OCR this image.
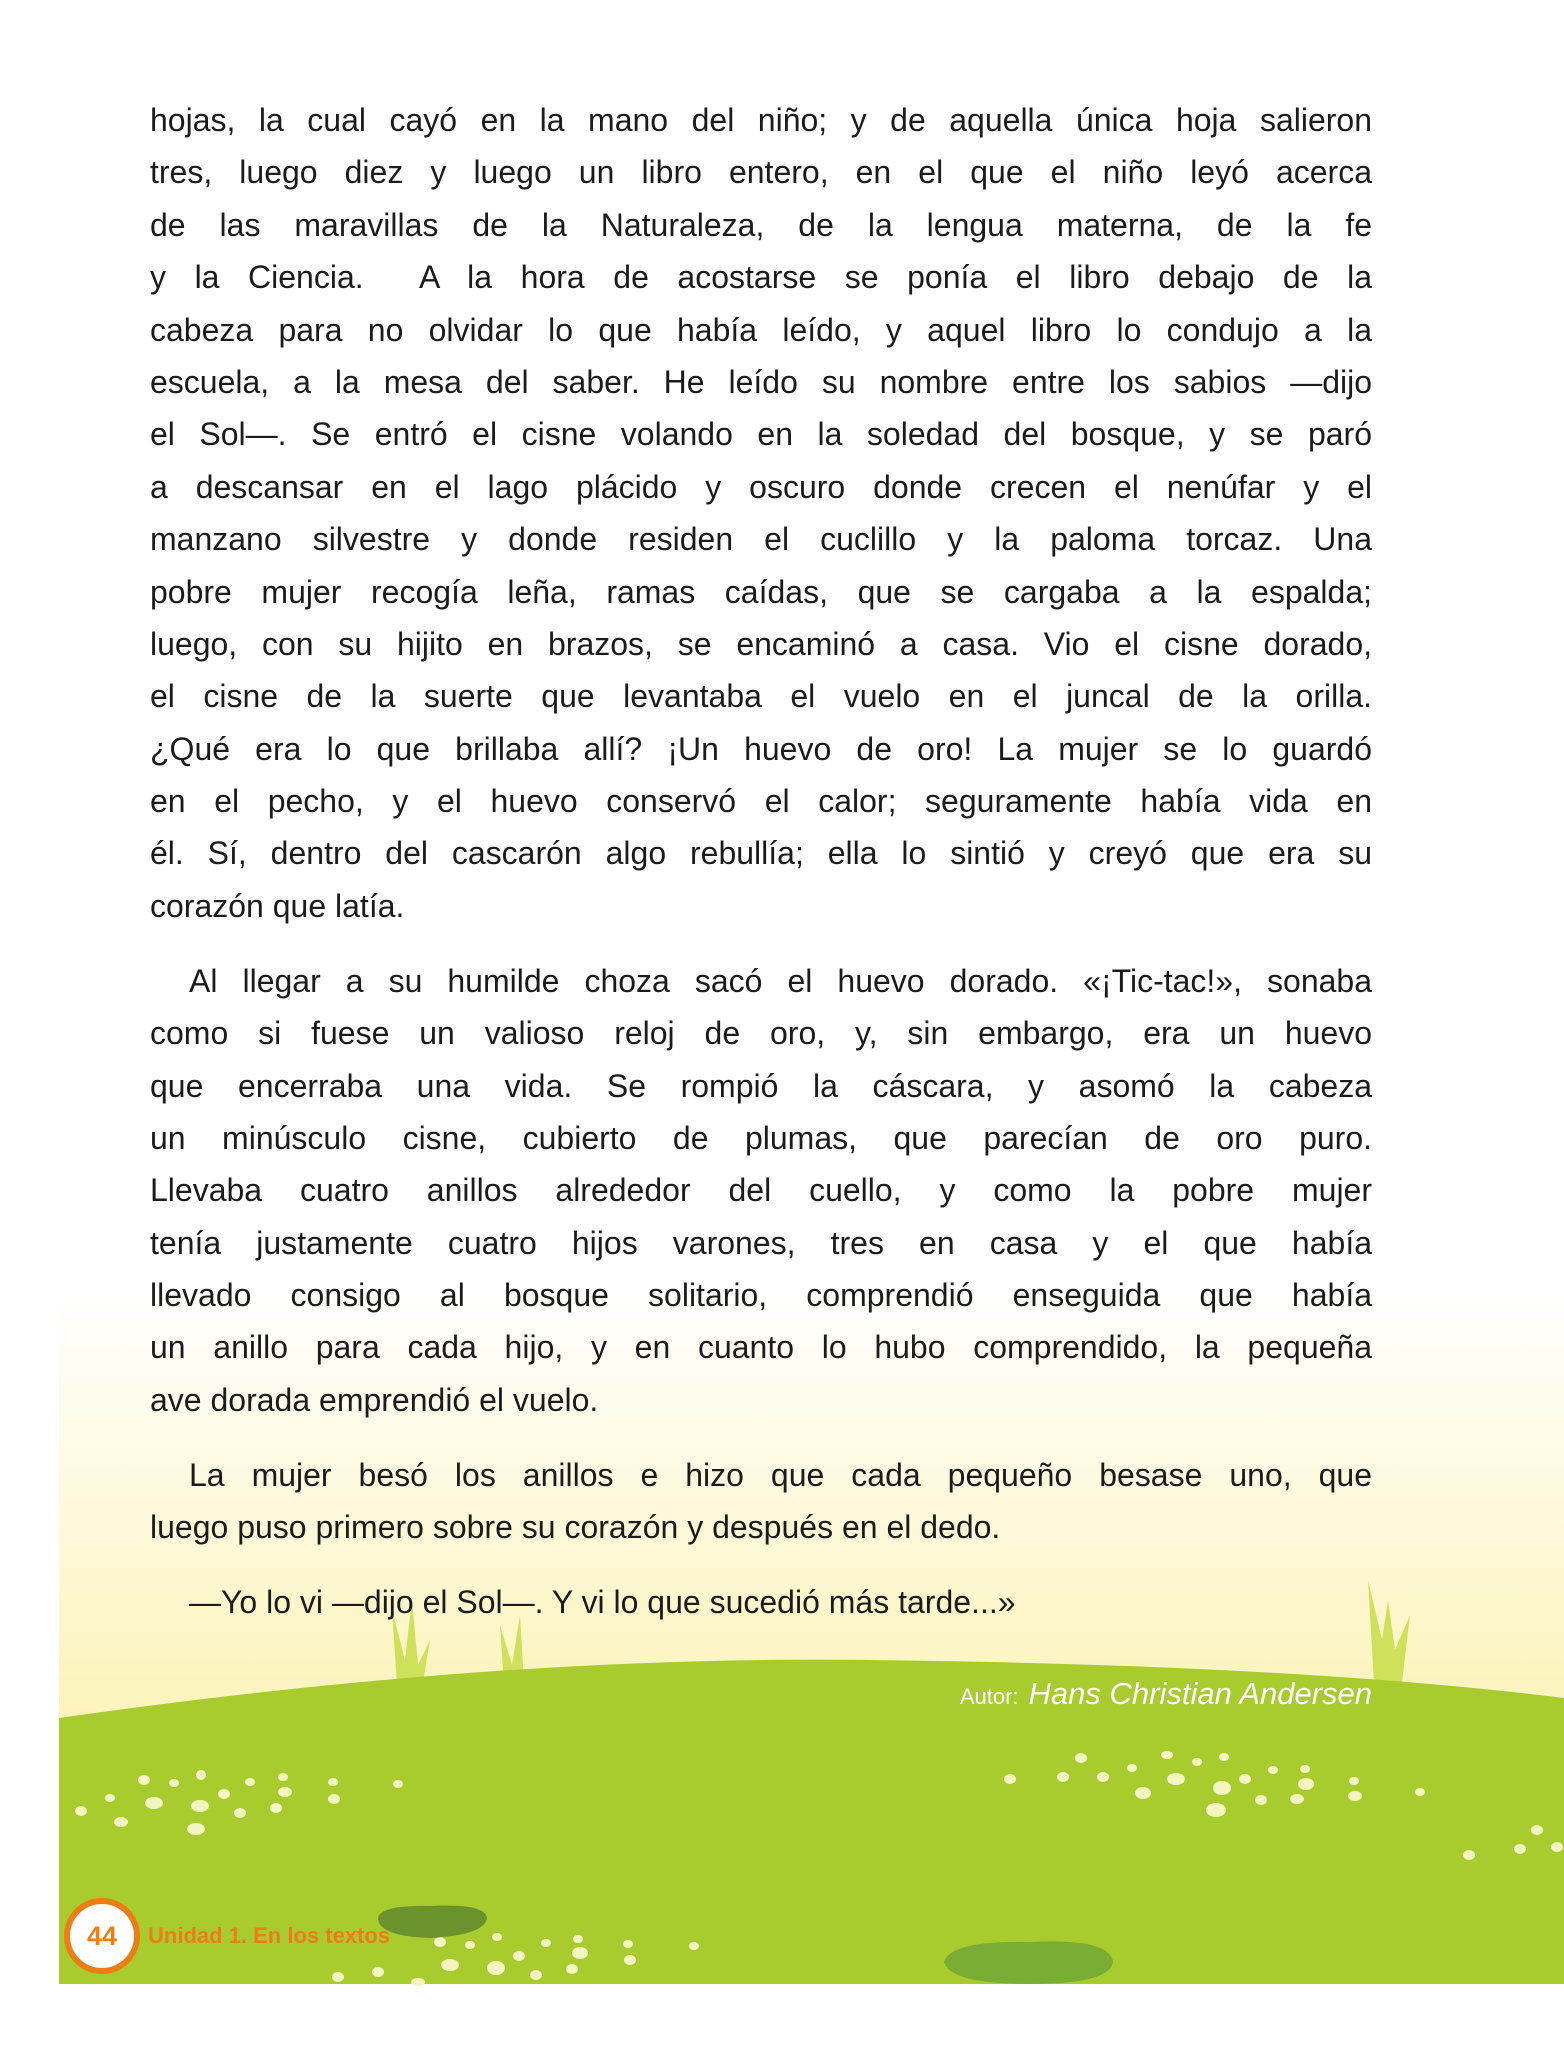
hojas, la cual cayó en la mano del niño; y de aquella única hoja salieron
tres, luego diez y luego un libro entero, en el que el niño leyó acerca
de las maravillas de la Naturaleza, de la lengua materna, de la fe
y la Ciencia.  A la hora de acostarse se ponía el libro debajo de la
cabeza para no olvidar lo que había leído, y aquel libro lo condujo a la
escuela, a la mesa del saber. He leído su nombre entre los sabios —dijo
el Sol—. Se entró el cisne volando en la soledad del bosque, y se paró
a descansar en el lago plácido y oscuro donde crecen el nenúfar y el
manzano silvestre y donde residen el cuclillo y la paloma torcaz. Una
pobre mujer recogía leña, ramas caídas, que se cargaba a la espalda;
luego, con su hijito en brazos, se encaminó a casa. Vio el cisne dorado,
el cisne de la suerte que levantaba el vuelo en el juncal de la orilla.
¿Qué era lo que brillaba allí? ¡Un huevo de oro! La mujer se lo guardó
en el pecho, y el huevo conservó el calor; seguramente había vida en
él. Sí, dentro del cascarón algo rebullía; ella lo sintió y creyó que era su
corazón que latía.
Al llegar a su humilde choza sacó el huevo dorado. «¡Tic-tac!», sonaba
como si fuese un valioso reloj de oro, y, sin embargo, era un huevo
que encerraba una vida. Se rompió la cáscara, y asomó la cabeza
un minúsculo cisne, cubierto de plumas, que parecían de oro puro.
Llevaba cuatro anillos alrededor del cuello, y como la pobre mujer
tenía justamente cuatro hijos varones, tres en casa y el que había
llevado consigo al bosque solitario, comprendió enseguida que había
un anillo para cada hijo, y en cuanto lo hubo comprendido, la pequeña
ave dorada emprendió el vuelo.
La mujer besó los anillos e hizo que cada pequeño besase uno, que
luego puso primero sobre su corazón y después en el dedo.
—Yo lo vi —dijo el Sol—. Y vi lo que sucedió más tarde...»
Autor: Hans Christian Andersen
44	Unidad 1. En los textos
